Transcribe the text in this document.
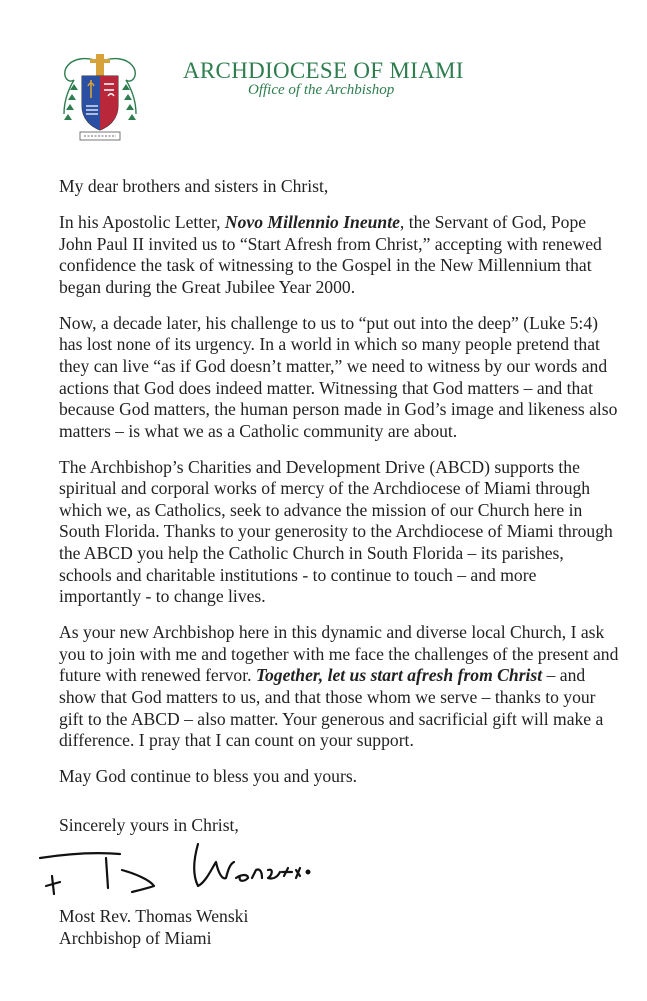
ARCHDIOCESE OF MIAMI
Office of the Archbishop

My dear brothers and sisters in Christ,

In his Apostolic Letter, Novo Millennio Ineunte, the Servant of God, Pope John Paul II invited us to “Start Afresh from Christ,” accepting with renewed confidence the task of witnessing to the Gospel in the New Millennium that began during the Great Jubilee Year 2000.

Now, a decade later, his challenge to us to “put out into the deep” (Luke 5:4) has lost none of its urgency. In a world in which so many people pretend that they can live “as if God doesn’t matter,” we need to witness by our words and actions that God does indeed matter. Witnessing that God matters – and that because God matters, the human person made in God’s image and likeness also matters – is what we as a Catholic community are about.

The Archbishop’s Charities and Development Drive (ABCD) supports the spiritual and corporal works of mercy of the Archdiocese of Miami through which we, as Catholics, seek to advance the mission of our Church here in South Florida. Thanks to your generosity to the Archdiocese of Miami through the ABCD you help the Catholic Church in South Florida – its parishes, schools and charitable institutions - to continue to touch – and more importantly - to change lives.

As your new Archbishop here in this dynamic and diverse local Church, I ask you to join with me and together with me face the challenges of the present and future with renewed fervor. Together, let us start afresh from Christ – and show that God matters to us, and that those whom we serve – thanks to your gift to the ABCD – also matter. Your generous and sacrificial gift will make a difference. I pray that I can count on your support.

May God continue to bless you and yours.

Sincerely yours in Christ,
Most Rev. Thomas Wenski
Archbishop of Miami
